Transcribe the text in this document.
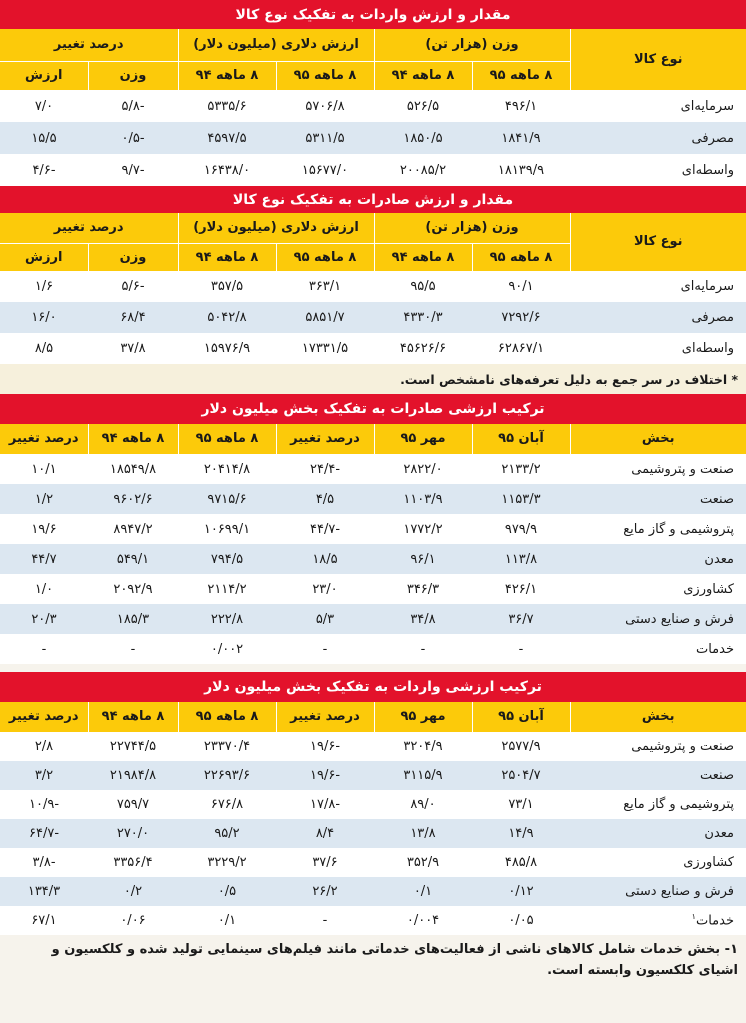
مقدار و ارزش واردات به تفکیک نوع کالا
نوع کالا	وزن (هزار تن)		ارزش دلاری (میلیون دلار)		درصد تغییر	
	۸ ماهه ۹۵	۸ ماهه ۹۴	۸ ماهه ۹۵	۸ ماهه ۹۴	وزن	ارزش
سرمایه‌ای	۴۹۶/۱	۵۲۶/۵	۵۷۰۶/۸	۵۳۳۵/۶	-۵/۸	۷/۰
مصرفی	۱۸۴۱/۹	۱۸۵۰/۵	۵۳۱۱/۵	۴۵۹۷/۵	-۰/۵	۱۵/۵
واسطه‌ای	۱۸۱۳۹/۹	۲۰۰۸۵/۲	۱۵۶۷۷/۰	۱۶۴۳۸/۰	-۹/۷	-۴/۶
مقدار و ارزش صادرات به تفکیک نوع کالا
نوع کالا	وزن (هزار تن)		ارزش دلاری (میلیون دلار)		درصد تغییر	
	۸ ماهه ۹۵	۸ ماهه ۹۴	۸ ماهه ۹۵	۸ ماهه ۹۴	وزن	ارزش
سرمایه‌ای	۹۰/۱	۹۵/۵	۳۶۳/۱	۳۵۷/۵	-۵/۶	۱/۶
مصرفی	۷۲۹۲/۶	۴۳۳۰/۳	۵۸۵۱/۷	۵۰۴۲/۸	۶۸/۴	۱۶/۰
واسطه‌ای	۶۲۸۶۷/۱	۴۵۶۲۶/۶	۱۷۳۳۱/۵	۱۵۹۷۶/۹	۳۷/۸	۸/۵
* اختلاف در سر جمع به دلیل تعرفه‌های نامشخص است.
ترکیب ارزشی صادرات به تفکیک بخش میلیون دلار
بخش	آبان ۹۵	مهر ۹۵	درصد تغییر	۸ ماهه ۹۵	۸ ماهه ۹۴	درصد تغییر
صنعت و پتروشیمی	۲۱۳۳/۲	۲۸۲۲/۰	-۲۴/۴	۲۰۴۱۴/۸	۱۸۵۴۹/۸	۱۰/۱
صنعت	۱۱۵۳/۳	۱۱۰۳/۹	۴/۵	۹۷۱۵/۶	۹۶۰۲/۶	۱/۲
پتروشیمی و گاز مایع	۹۷۹/۹	۱۷۷۲/۲	-۴۴/۷	۱۰۶۹۹/۱	۸۹۴۷/۲	۱۹/۶
معدن	۱۱۳/۸	۹۶/۱	۱۸/۵	۷۹۴/۵	۵۴۹/۱	۴۴/۷
کشاورزی	۴۲۶/۱	۳۴۶/۳	۲۳/۰	۲۱۱۴/۲	۲۰۹۲/۹	۱/۰
فرش و صنایع دستی	۳۶/۷	۳۴/۸	۵/۳	۲۲۲/۸	۱۸۵/۳	۲۰/۳
خدمات	-	-	-	۰/۰۰۲	-	-
ترکیب ارزشی واردات به تفکیک بخش میلیون دلار
بخش	آبان ۹۵	مهر ۹۵	درصد تغییر	۸ ماهه ۹۵	۸ ماهه ۹۴	درصد تغییر
صنعت و پتروشیمی	۲۵۷۷/۹	۳۲۰۴/۹	-۱۹/۶	۲۳۳۷۰/۴	۲۲۷۴۴/۵	۲/۸
صنعت	۲۵۰۴/۷	۳۱۱۵/۹	-۱۹/۶	۲۲۶۹۳/۶	۲۱۹۸۴/۸	۳/۲
پتروشیمی و گاز مایع	۷۳/۱	۸۹/۰	-۱۷/۸	۶۷۶/۸	۷۵۹/۷	-۱۰/۹
معدن	۱۴/۹	۱۳/۸	۸/۴	۹۵/۲	۲۷۰/۰	-۶۴/۷
کشاورزی	۴۸۵/۸	۳۵۲/۹	۳۷/۶	۳۲۲۹/۲	۳۳۵۶/۴	-۳/۸
فرش و صنایع دستی	۰/۱۲	۰/۱	۲۶/۲	۰/۵	۰/۲	۱۳۴/۳
خدمات$^۱$	۰/۰۵	۰/۰۰۴	-	۰/۱	۰/۰۶	۶۷/۱
۱- بخش خدمات شامل کالاهای ناشی از فعالیت‌های خدماتی مانند فیلم‌های سینمایی تولید شده و کلکسیون و اشیای کلکسیون وابسته است.
